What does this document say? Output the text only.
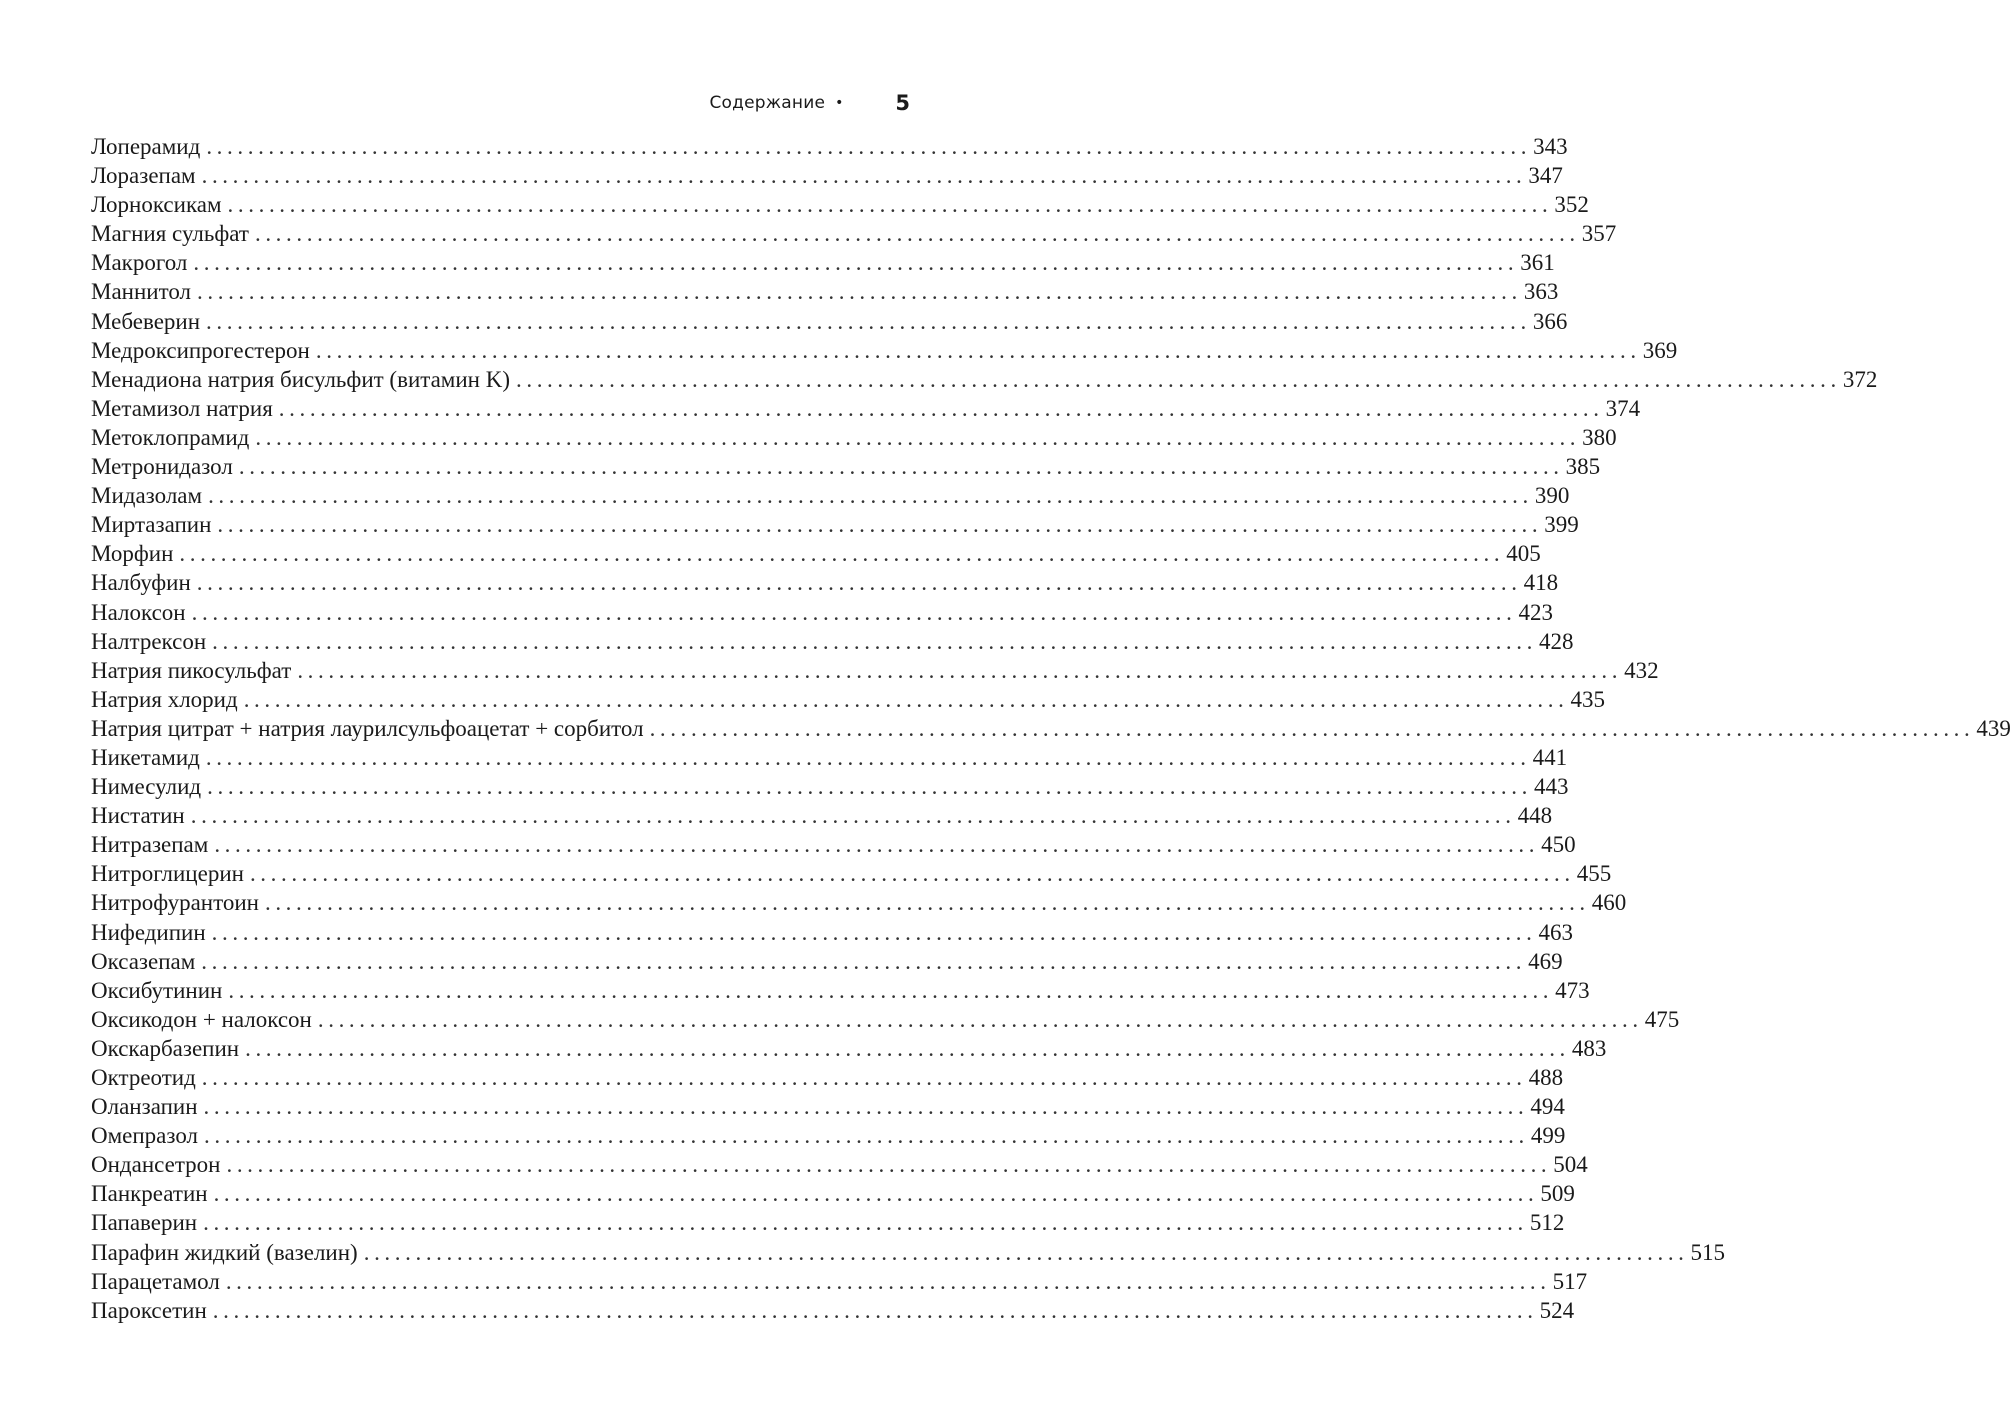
Содержание • 5
Лоперамид ................................................................................................................................ 343
Лоразепам ................................................................................................................................ 347
Лорноксикам ................................................................................................................................ 352
Магния сульфат ................................................................................................................................ 357
Макрогол ................................................................................................................................ 361
Маннитол ................................................................................................................................ 363
Мебеверин ................................................................................................................................ 366
Медроксипрогестерон ................................................................................................................................ 369
Менадиона натрия бисульфит (витамин K) ................................................................................................................................ 372
Метамизол натрия ................................................................................................................................ 374
Метоклопрамид ................................................................................................................................ 380
Метронидазол ................................................................................................................................ 385
Мидазолам ................................................................................................................................ 390
Миртазапин ................................................................................................................................ 399
Морфин ................................................................................................................................ 405
Налбуфин ................................................................................................................................ 418
Налоксон ................................................................................................................................ 423
Налтрексон ................................................................................................................................ 428
Натрия пикосульфат ................................................................................................................................ 432
Натрия хлорид ................................................................................................................................ 435
Натрия цитрат + натрия лаурилсульфоацетат + сорбитол ................................................................................................................................ 439
Никетамид ................................................................................................................................ 441
Нимесулид ................................................................................................................................ 443
Нистатин ................................................................................................................................ 448
Нитразепам ................................................................................................................................ 450
Нитроглицерин ................................................................................................................................ 455
Нитрофурантоин ................................................................................................................................ 460
Нифедипин ................................................................................................................................ 463
Оксазепам ................................................................................................................................ 469
Оксибутинин ................................................................................................................................ 473
Оксикодон + налоксон ................................................................................................................................ 475
Окскарбазепин ................................................................................................................................ 483
Октреотид ................................................................................................................................ 488
Оланзапин ................................................................................................................................ 494
Омепразол ................................................................................................................................ 499
Ондансетрон ................................................................................................................................ 504
Панкреатин ................................................................................................................................ 509
Папаверин ................................................................................................................................ 512
Парафин жидкий (вазелин) ................................................................................................................................ 515
Парацетамол ................................................................................................................................ 517
Пароксетин ................................................................................................................................ 524
